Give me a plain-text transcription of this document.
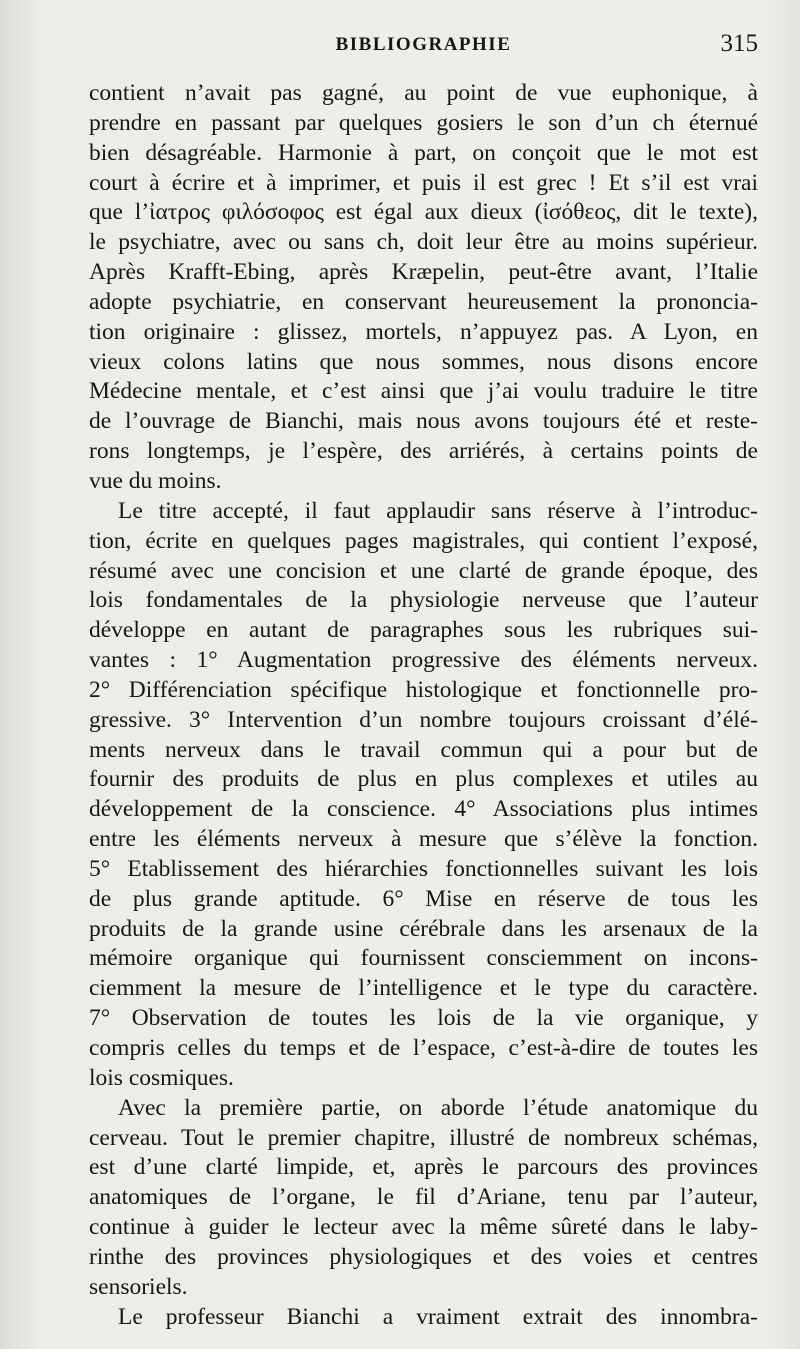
BIBLIOGRAPHIE	315
contient n’avait pas gagné, au point de vue euphonique, à
prendre en passant par quelques gosiers le son d’un ch éternué
bien désagréable. Harmonie à part, on conçoit que le mot est
court à écrire et à imprimer, et puis il est grec ! Et s’il est vrai
que l’ἰατρος φιλόσοφος est égal aux dieux (ἰσόθεος, dit le texte),
le psychiatre, avec ou sans ch, doit leur être au moins supérieur.
Après Krafft-Ebing, après Kræpelin, peut-être avant, l’Italie
adopte psychiatrie, en conservant heureusement la prononcia-
tion originaire : glissez, mortels, n’appuyez pas. A Lyon, en
vieux colons latins que nous sommes, nous disons encore
Médecine mentale, et c’est ainsi que j’ai voulu traduire le titre
de l’ouvrage de Bianchi, mais nous avons toujours été et reste-
rons longtemps, je l’espère, des arriérés, à certains points de
vue du moins.
Le titre accepté, il faut applaudir sans réserve à l’introduc-
tion, écrite en quelques pages magistrales, qui contient l’exposé,
résumé avec une concision et une clarté de grande époque, des
lois fondamentales de la physiologie nerveuse que l’auteur
développe en autant de paragraphes sous les rubriques sui-
vantes : 1° Augmentation progressive des éléments nerveux.
2° Différenciation spécifique histologique et fonctionnelle pro-
gressive. 3° Intervention d’un nombre toujours croissant d’élé-
ments nerveux dans le travail commun qui a pour but de
fournir des produits de plus en plus complexes et utiles au
développement de la conscience. 4° Associations plus intimes
entre les éléments nerveux à mesure que s’élève la fonction.
5° Etablissement des hiérarchies fonctionnelles suivant les lois
de plus grande aptitude. 6° Mise en réserve de tous les
produits de la grande usine cérébrale dans les arsenaux de la
mémoire organique qui fournissent consciemment on incons-
ciemment la mesure de l’intelligence et le type du caractère.
7° Observation de toutes les lois de la vie organique, y
compris celles du temps et de l’espace, c’est-à-dire de toutes les
lois cosmiques.
Avec la première partie, on aborde l’étude anatomique du
cerveau. Tout le premier chapitre, illustré de nombreux schémas,
est d’une clarté limpide, et, après le parcours des provinces
anatomiques de l’organe, le fil d’Ariane, tenu par l’auteur,
continue à guider le lecteur avec la même sûreté dans le laby-
rinthe des provinces physiologiques et des voies et centres
sensoriels.
Le professeur Bianchi a vraiment extrait des innombra-
